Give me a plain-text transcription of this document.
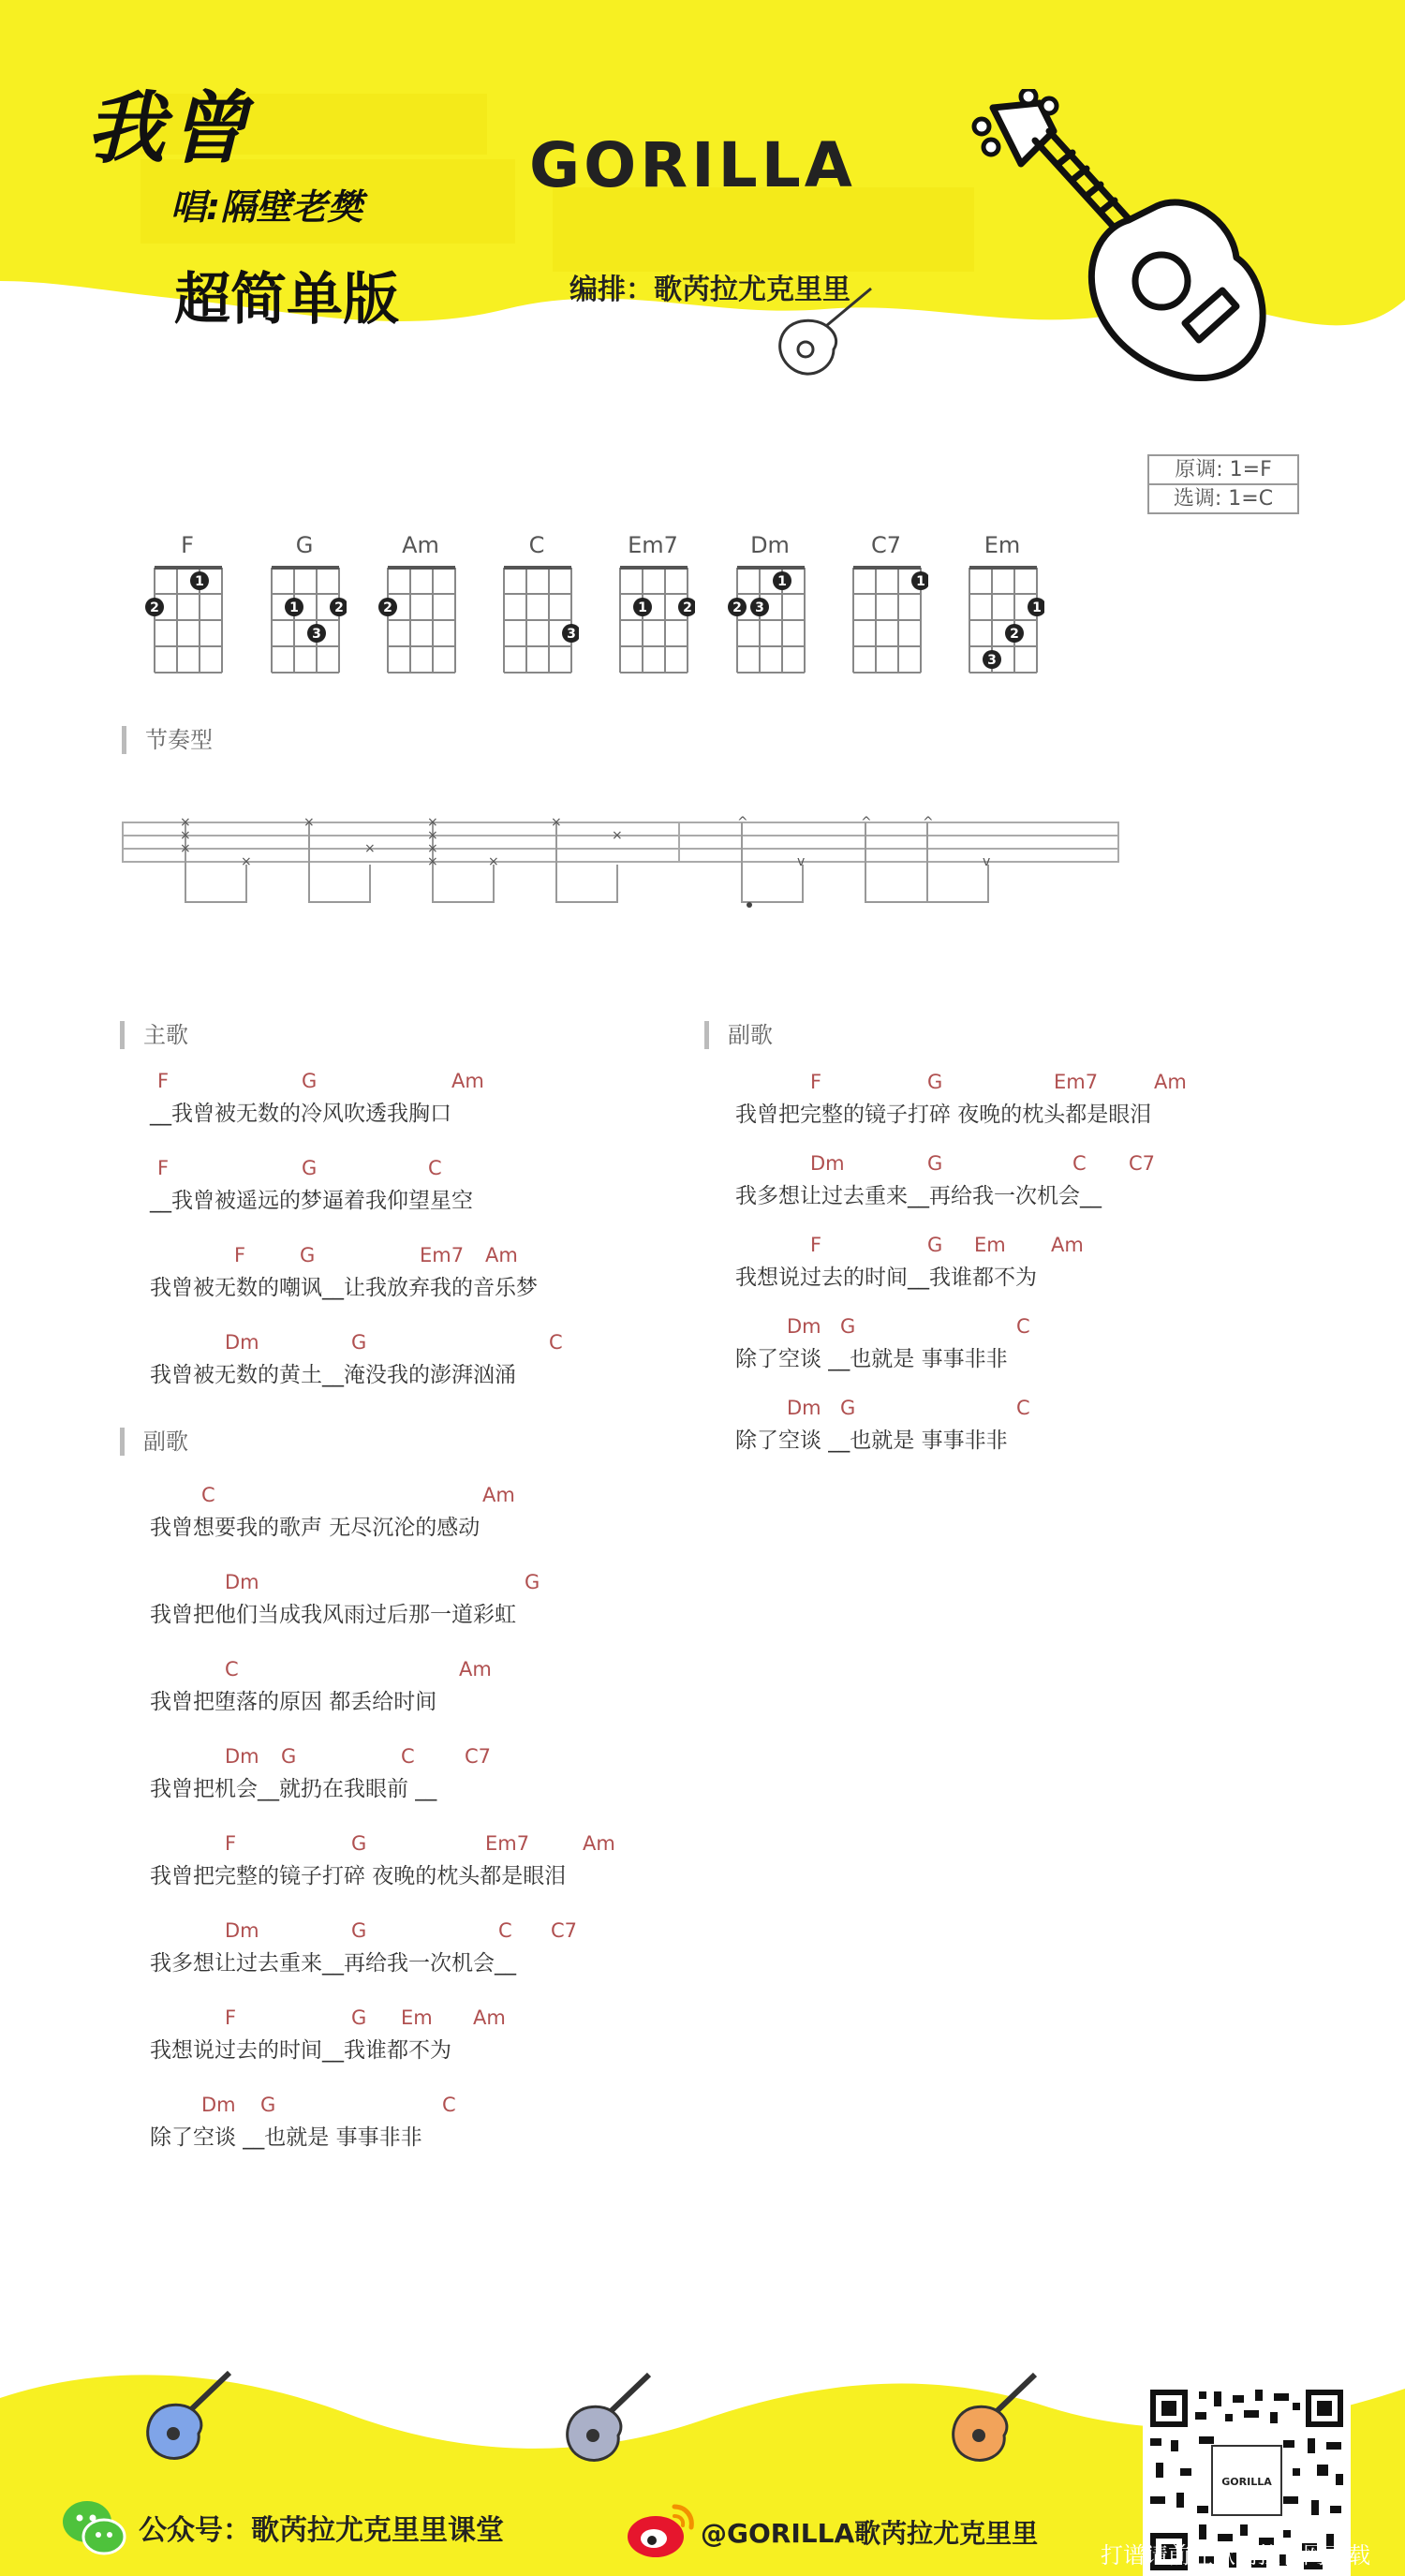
我曾
唱:隔壁老樊
超简单版
GORILLA
编排：歌芮拉尤克里里
原调: 1=F
选调: 1=C
F
1
2
G
1	2
3
Am
2
C
3
Em7
1	2
Dm
1
2 3
C7
1
Em
1
2
3
节奏型
×
×
×
×
×
×
×
×
×
×	×
×
×
^
v
^	^
v
主歌	副歌
副歌
F	G	Am
__我曾被无数的冷风吹透我胸口
F	G	C
__我曾被遥远的梦逼着我仰望星空
F	G	Em7 Am
我曾被无数的嘲讽__让我放弃我的音乐梦
Dm	G	C
我曾被无数的黄土__淹没我的澎湃汹涌
C	Am
我曾想要我的歌声 无尽沉沦的感动
Dm	G
我曾把他们当成我风雨过后那一道彩虹
C	Am
我曾把堕落的原因 都丢给时间
Dm G	C	C7
我曾把机会__就扔在我眼前 __
F	G	Em7	Am
我曾把完整的镜子打碎 夜晚的枕头都是眼泪
Dm	G	C C7
我多想让过去重来__再给我一次机会__
F	G Em Am
我想说过去的时间__我谁都不为
Dm G	C
除了空谈 __也就是 事事非非
F	G	Em7	Am
我曾把完整的镜子打碎 夜晚的枕头都是眼泪
Dm	G	C C7
我多想让过去重来__再给我一次机会__
F	G Em Am
我想说过去的时间__我谁都不为
Dm G	C
除了空谈 __也就是 事事非非
Dm G	C
除了空谈 __也就是 事事非非
公众号：歌芮拉尤克里里课堂	@GORILLA歌芮拉尤克里里
GORILLA
打谱请前往歌芮拉官网下载
